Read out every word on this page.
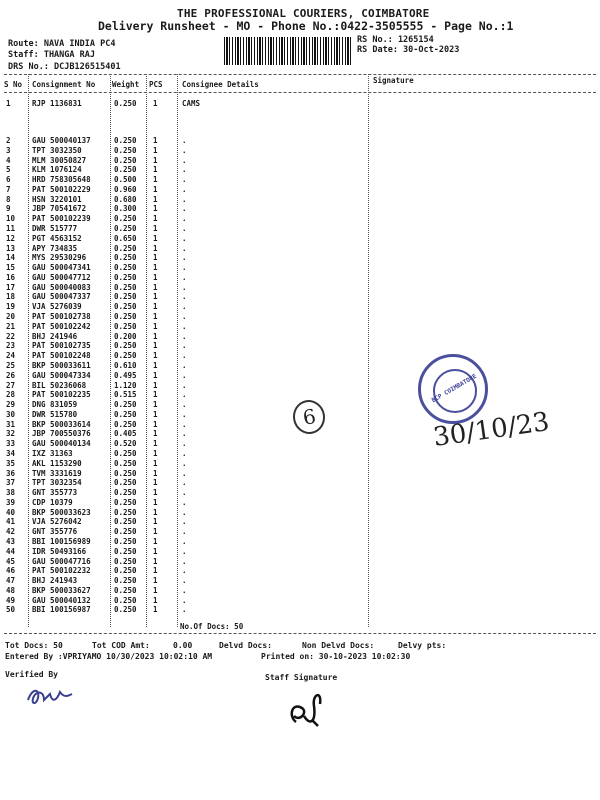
THE PROFESSIONAL COURIERS, COIMBATORE
Delivery Runsheet - MO - Phone No.:0422-3505555 - Page No.:1
Route: NAVA INDIA PC4
Staff: THANGA RAJ
DRS No.: DCJB126515401
RS No.: 1265154
RS Date: 30-Oct-2023
S No Consignment No Weight PCS	Consignee Details	Signature
1	RJP 1136831	0.250 1	CAMS
2	GAU 500040137	0.250 1	.
3	TPT 3032350	0.250 1	.
4	MLM 30050827	0.250 1	.
5	KLM 1076124	0.250 1	.
6	HRD 758305648	0.500 1	.
7	PAT 500102229	0.960 1	.
8	HSN 3220101	0.680 1	.
9	JBP 70541672	0.300 1	.
10 PAT 500102239	0.250 1	.
11 DWR 515777	0.250 1	.
12 PGT 4563152	0.650 1	.
13 APY 734835	0.250 1	.
14 MYS 29530296	0.250 1	.
15 GAU 500047341	0.250 1	.
16 GAU 500047712	0.250 1	.
17 GAU 500040083	0.250 1	.
18 GAU 500047337	0.250 1	.
19 VJA 5276039	0.250 1	.
20 PAT 500102738	0.250 1	.
21 PAT 500102242	0.250 1	.
22 BHJ 241946	0.200 1	.
23 PAT 500102735	0.250 1	.
24 PAT 500102248	0.250 1	.
25 BKP 500033611	0.610 1	.
26 GAU 500047334	0.495 1	.
27 BIL 50236068	1.120 1	.
28 PAT 500102235	0.515 1	.
29 DNG 831059	0.250 1	.
30 DWR 515780	0.250 1	.
31 BKP 500033614	0.250 1	.
32 JBP 700550376	0.405 1	.
33 GAU 500040134	0.520 1	.
34 IXZ 31363	0.250 1	.
35 AKL 1153290	0.250 1	.
36 TVM 3331619	0.250 1	.
37 TPT 3032354	0.250 1	.
38 GNT 355773	0.250 1	.
39 CDP 10379	0.250 1	.
40 BKP 500033623	0.250 1	.
41 VJA 5276042	0.250 1	.
42 GNT 355776	0.250 1	.
43 BBI 100156989	0.250 1	.
44 IDR 50493166	0.250 1	.
45 GAU 500047716	0.250 1	.
46 PAT 500102232	0.250 1	.
47 BHJ 241943	0.250 1	.
48 BKP 500033627	0.250 1	.
49 GAU 500040132	0.250 1	.
50 BBI 100156987	0.250 1	.
No.Of Docs: 50
Tot Docs: 50	Tot COD Amt:	0.00	Delvd Docs:	Non Delvd Docs:	Delvy pts:
Entered By :VPRIYAMO 10/30/2023 10:02:10 AM	Printed on: 30-10-2023 10:02:30
Verified By	Staff Signature
6
BCP COIMBATORE
30/10/23
